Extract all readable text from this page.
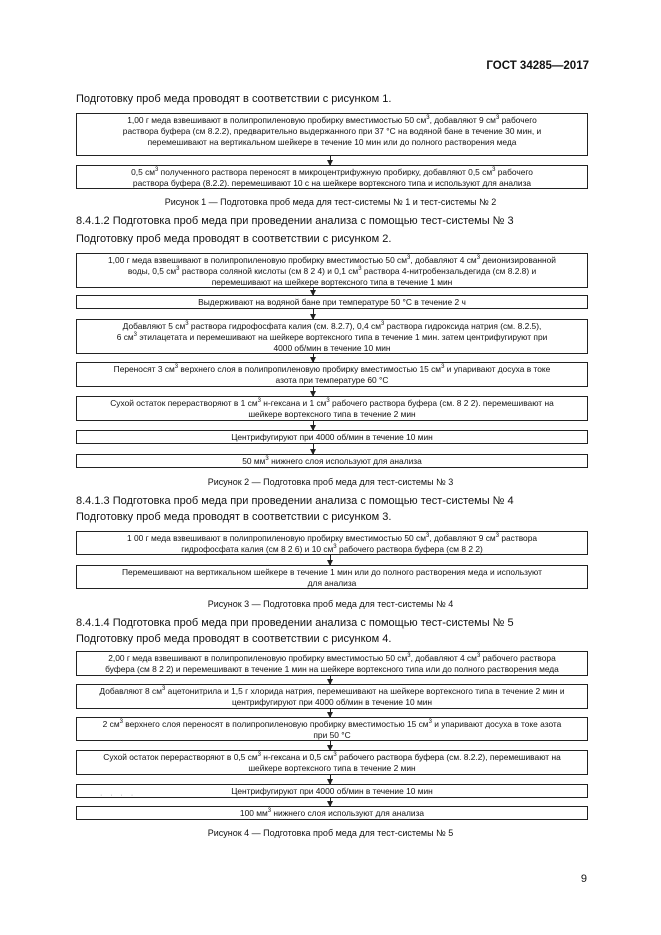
ГОСТ 34285—2017
Подготовку проб меда проводят в соответствии с рисунком 1.
1,00 г меда взвешивают в полипропиленовую пробирку вместимостью 50 $см^3$, добавляют 9 $см^3$ рабочего
раствора буфера (см 8.2.2), предварительно выдержанного при 37 °С на водяной бане в течение 30 мин, и
перемешивают на вертикальном шейкере в течение 10 мин или до полного растворения меда
0,5 $см^3$ полученного раствора переносят в микроцентрифужную пробирку, добавляют 0,5 $см^3$ рабочего
раствора буфера (8.2.2). перемешивают 10 с на шейкере вортексного типа и используют для анализа
Рисунок 1 — Подготовка проб меда для тест-системы № 1 и тест-системы № 2
8.4.1.2 Подготовка проб меда при проведении анализа с помощью тест-системы № 3
Подготовку проб меда проводят в соответствии с рисунком 2.
1,00 г меда взвешивают в полипропиленовую пробирку вместимостью 50 $см^3$, добавляют 4 $см^3$ деионизированной
воды, 0,5 $см^3$ раствора соляной кислоты (см 8 2 4) и 0,1 $см^3$ раствора 4-нитробензальдегида (см 8.2.8) и
перемешивают на шейкере вортексного типа в течение 1 мин
Выдерживают на водяной бане при температуре 50 °С в течение 2 ч
Добавляют 5 $см^3$ раствора гидрофосфата калия (см. 8.2.7), 0,4 $см^3$ раствора гидроксида натрия (см. 8.2.5),
6 $см^3$ этилацетата и перемешивают на шейкере вортексного типа в течение 1 мин. затем центрифугируют при
4000 об/мин в течение 10 мин
Переносят 3 $см^3$ верхнего слоя в полипропиленовую пробирку вместимостью 15 $см^3$ и упаривают досуха в токе
азота при температуре 60 °С
Сухой остаток перерастворяют в 1 $см^3$ н-гексана и 1 $см^3$ рабочего раствора буфера (см. 8 2 2). перемешивают на
шейкере вортексного типа в течение 2 мин
Центрифугируют при 4000 об/мин в течение 10 мин
50 $мм^3$ нижнего слоя используют для анализа
Рисунок 2 — Подготовка проб меда для тест-системы № 3
8.4.1.3 Подготовка проб меда при проведении анализа с помощью тест-системы № 4
Подготовку проб меда проводят в соответствии с рисунком 3.
1 00 г меда взвешивают в полипропиленовую пробирку вместимостью 50 $см^3$, добавляют 9 $см^3$ раствора
гидрофосфата калия (см 8 2 6) и 10 $см^3$ рабочего раствора буфера (см 8 2 2)
Перемешивают на вертикальном шейкере в течение 1 мин или до полного растворения меда и используют
для анализа
Рисунок 3 — Подготовка проб меда для тест-системы № 4
8.4.1.4 Подготовка проб меда при проведении анализа с помощью тест-системы № 5
Подготовку проб меда проводят в соответствии с рисунком 4.
2,00 г меда взвешивают в полипропиленовую пробирку вместимостью 50 $см^3$, добавляют 4 $см^3$ рабочего раствора
буфера (см 8 2 2) и перемешивают в течение 1 мин на шейкере вортексного типа или до полного растворения меда
Добавляют 8 $см^3$ ацетонитрила и 1,5 г хлорида натрия, перемешивают на шейкере вортексного типа в течение 2 мин и
центрифугируют при 4000 об/мин в течение 10 мин
2 $см^3$ верхнего слоя переносят в полипропиленовую пробирку вместимостью 15 $см^3$ и упаривают досуха в токе азота
при 50 °С
Сухой остаток перерастворяют в 0,5 $см^3$ н-гексана и 0,5 $см^3$ рабочего раствора буфера (см. 8.2.2), перемешивают на
шейкере вортексного типа в течение 2 мин
Центрифугируют при 4000 об/мин в течение 10 мин
· · · ·
100 $мм^3$ нижнего слоя используют для анализа
Рисунок 4 — Подготовка проб меда для тест-системы № 5
9
